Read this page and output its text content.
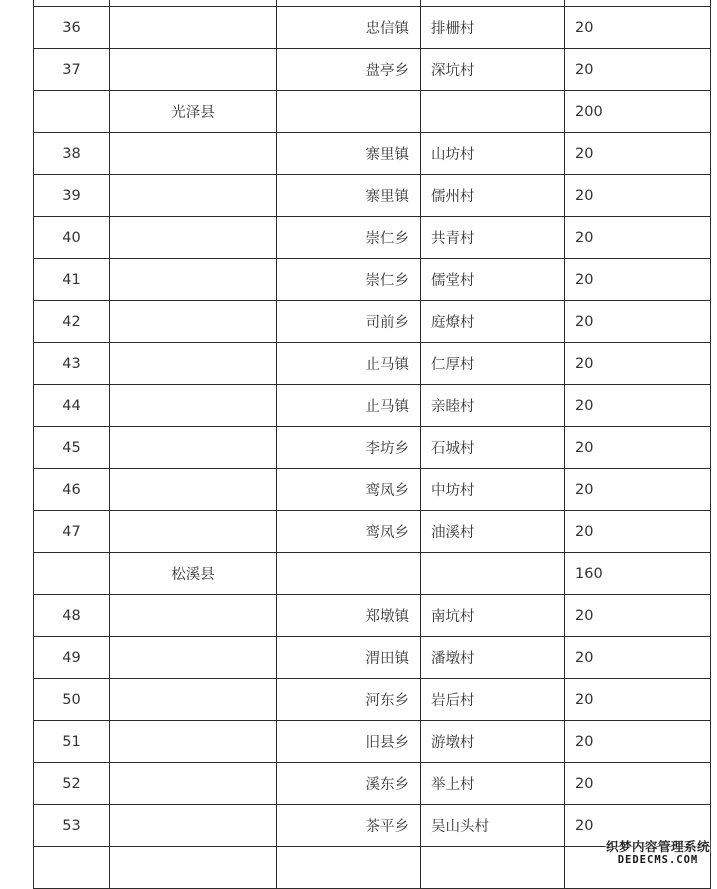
36		忠信镇	排栅村	20
37		盘亭乡	深坑村	20
	光泽县			200
38		寨里镇	山坊村	20
39		寨里镇	儒州村	20
40		崇仁乡	共青村	20
41		崇仁乡	儒堂村	20
42		司前乡	庭燎村	20
43		止马镇	仁厚村	20
44		止马镇	亲睦村	20
45		李坊乡	石城村	20
46		鸾凤乡	中坊村	20
47		鸾凤乡	油溪村	20
	松溪县			160
48		郑墩镇	南坑村	20
49		渭田镇	潘墩村	20
50		河东乡	岩后村	20
51		旧县乡	游墩村	20
52		溪东乡	举上村	20
53		茶平乡	吴山头村	20

织梦内容管理系统
DEDECMS.COM
